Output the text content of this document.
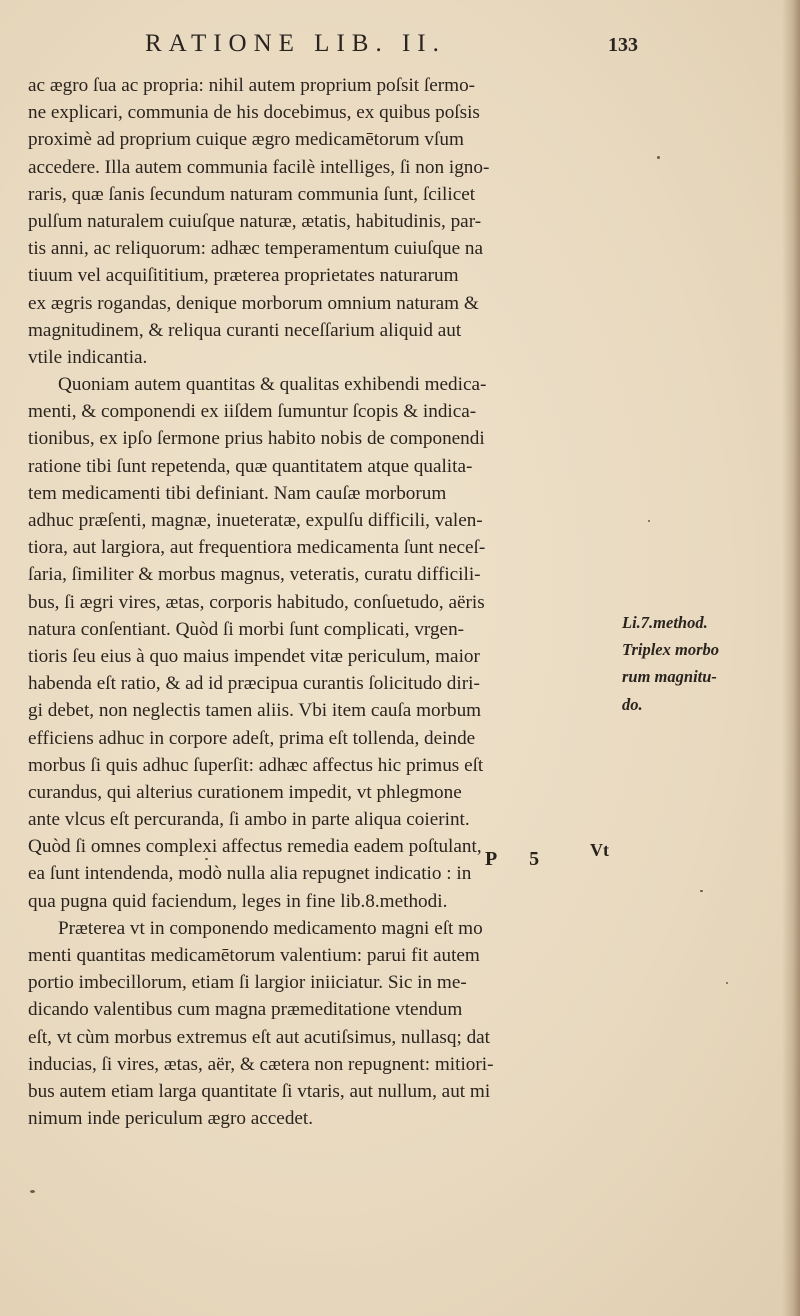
RATIONE LIB. II.	133
ac ægro ſua ac propria: nihil autem proprium poſsit ſermo-
ne explicari, communia de his docebimus, ex quibus poſsis
proximè ad proprium cuique ægro medicamētorum vſum
accedere. Illa autem communia facilè intelliges, ſi non igno-
raris, quæ ſanis ſecundum naturam communia ſunt, ſcilicet
pulſum naturalem cuiuſque naturæ, ætatis, habitudinis, par-
tis anni, ac reliquorum: adhæc temperamentum cuiuſque na
tiuum vel acquiſititium, præterea proprietates naturarum
ex ægris rogandas, denique morborum omnium naturam &
magnitudinem, & reliqua curanti neceſſarium aliquid aut
vtile indicantia.
Quoniam autem quantitas & qualitas exhibendi medica-
menti, & componendi ex iiſdem ſumuntur ſcopis & indica-
tionibus, ex ipſo ſermone prius habito nobis de componendi
ratione tibi ſunt repetenda, quæ quantitatem atque qualita-
tem medicamenti tibi definiant. Nam cauſæ morborum
adhuc præſenti, magnæ, inueteratæ, expulſu difficili, valen-
tiora, aut largiora, aut frequentiora medicamenta ſunt neceſ-
ſaria, ſimiliter & morbus magnus, veteratis, curatu difficili-
bus, ſi ægri vires, ætas, corporis habitudo, conſuetudo, aëris
natura conſentiant. Quòd ſi morbi ſunt complicati, vrgen-
tioris ſeu eius à quo maius impendet vitæ periculum, maior
habenda eſt ratio, & ad id præcipua curantis ſolicitudo diri-
gi debet, non neglectis tamen aliis. Vbi item cauſa morbum
efficiens adhuc in corpore adeſt, prima eſt tollenda, deinde
morbus ſi quis adhuc ſuperſit: adhæc affectus hic primus eſt
curandus, qui alterius curationem impedit, vt phlegmone
ante vlcus eſt percuranda, ſi ambo in parte aliqua coierint.
Quòd ſi omnes complexi affectus remedia eadem poſtulant,
ea ſunt intendenda, modò nulla alia repugnet indicatio : in
qua pugna quid faciendum, leges in fine lib.8.methodi.
Præterea vt in componendo medicamento magni eſt mo
menti quantitas medicamētorum valentium: parui fit autem
portio imbecillorum, etiam ſi largior iniiciatur. Sic in me-
dicando valentibus cum magna præmeditatione vtendum
eſt, vt cùm morbus extremus eſt aut acutiſsimus, nullasq; dat
inducias, ſi vires, ætas, aër, & cætera non repugnent: mitiori-
bus autem etiam larga quantitate ſi vtaris, aut nullum, aut mi
nimum inde periculum ægro accedet.
Li.7.method.
Triplex morbo
rum magnitu-
do.
P 5 Vt
